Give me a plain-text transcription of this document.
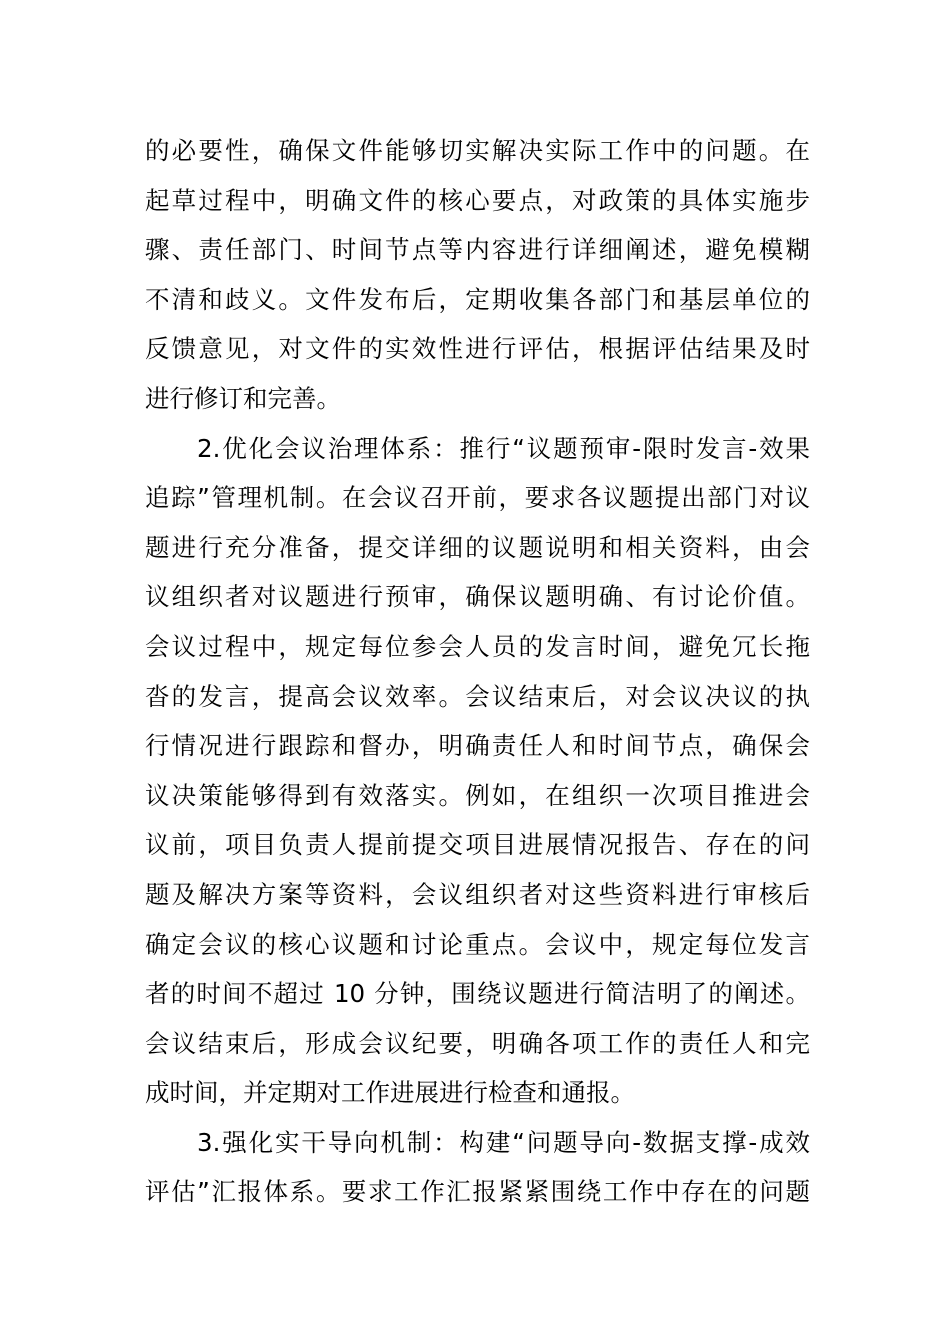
的必要性，确保文件能够切实解决实际工作中的问题。在
起草过程中，明确文件的核心要点，对政策的具体实施步
骤、责任部门、时间节点等内容进行详细阐述，避免模糊
不清和歧义。文件发布后，定期收集各部门和基层单位的
反馈意见，对文件的实效性进行评估，根据评估结果及时
进行修订和完善。
2.优化会议治理体系：推行“议题预审-限时发言-效果
追踪”管理机制。在会议召开前，要求各议题提出部门对议
题进行充分准备，提交详细的议题说明和相关资料，由会
议组织者对议题进行预审，确保议题明确、有讨论价值。
会议过程中，规定每位参会人员的发言时间，避免冗长拖
沓的发言，提高会议效率。会议结束后，对会议决议的执
行情况进行跟踪和督办，明确责任人和时间节点，确保会
议决策能够得到有效落实。例如，在组织一次项目推进会
议前，项目负责人提前提交项目进展情况报告、存在的问
题及解决方案等资料，会议组织者对这些资料进行审核后
确定会议的核心议题和讨论重点。会议中，规定每位发言
者的时间不超过 10 分钟，围绕议题进行简洁明了的阐述。
会议结束后，形成会议纪要，明确各项工作的责任人和完
成时间，并定期对工作进展进行检查和通报。
3.强化实干导向机制：构建“问题导向-数据支撑-成效
评估”汇报体系。要求工作汇报紧紧围绕工作中存在的问题
